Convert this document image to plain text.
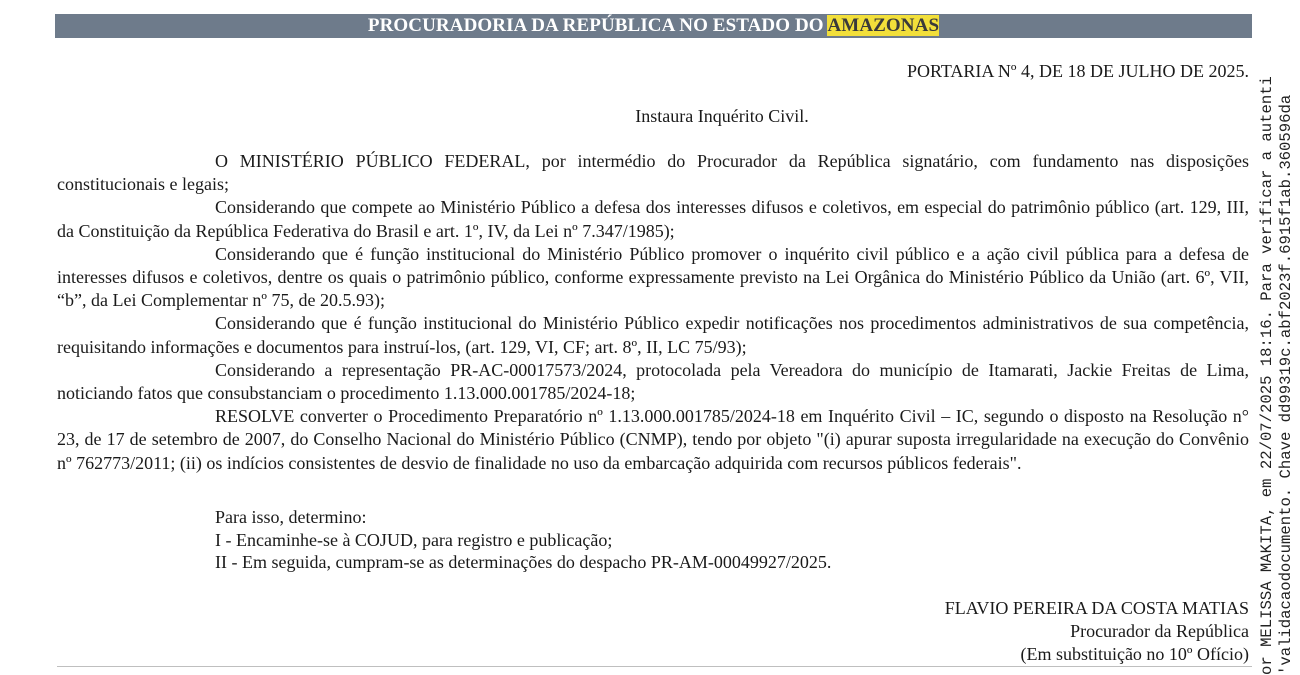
PROCURADORIA DA REPÚBLICA NO ESTADO DO AMAZONAS
PORTARIA Nº 4, DE 18 DE JULHO DE 2025.
Instaura Inquérito Civil.

O MINISTÉRIO PÚBLICO FEDERAL, por intermédio do Procurador da República signatário, com fundamento nas disposições constitucionais e legais;

Considerando que compete ao Ministério Público a defesa dos interesses difusos e coletivos, em especial do patrimônio público (art. 129, III, da Constituição da República Federativa do Brasil e art. 1º, IV, da Lei nº 7.347/1985);

Considerando que é função institucional do Ministério Público promover o inquérito civil público e a ação civil pública para a defesa de interesses difusos e coletivos, dentre os quais o patrimônio público, conforme expressamente previsto na Lei Orgânica do Ministério Público da União (art. 6º, VII, “b”, da Lei Complementar nº 75, de 20.5.93);

Considerando que é função institucional do Ministério Público expedir notificações nos procedimentos administrativos de sua competência, requisitando informações e documentos para instruí-los, (art. 129, VI, CF; art. 8º, II, LC 75/93);

Considerando a representação PR-AC-00017573/2024, protocolada pela Vereadora do município de Itamarati, Jackie Freitas de Lima, noticiando fatos que consubstanciam o procedimento 1.13.000.001785/2024-18;

RESOLVE converter o Procedimento Preparatório nº 1.13.000.001785/2024-18 em Inquérito Civil – IC, segundo o disposto na Resolução n° 23, de 17 de setembro de 2007, do Conselho Nacional do Ministério Público (CNMP), tendo por objeto "(i) apurar suposta irregularidade na execução do Convênio nº 762773/2011; (ii) os indícios consistentes de desvio de finalidade no uso da embarcação adquirida com recursos públicos federais".

Para isso, determino:
I - Encaminhe-se à COJUD, para registro e publicação;
II - Em seguida, cumpram-se as determinações do despacho PR-AM-00049927/2025.
FLAVIO PEREIRA DA COSTA MATIAS
Procurador da República
(Em substituição no 10º Ofício) or MELISSA MAKITA, em 22/07/2025 18:16. Para verificar a autenti 'validacaodocumento. Chave dd99319c.abf2023f.6915f1ab.360596da
